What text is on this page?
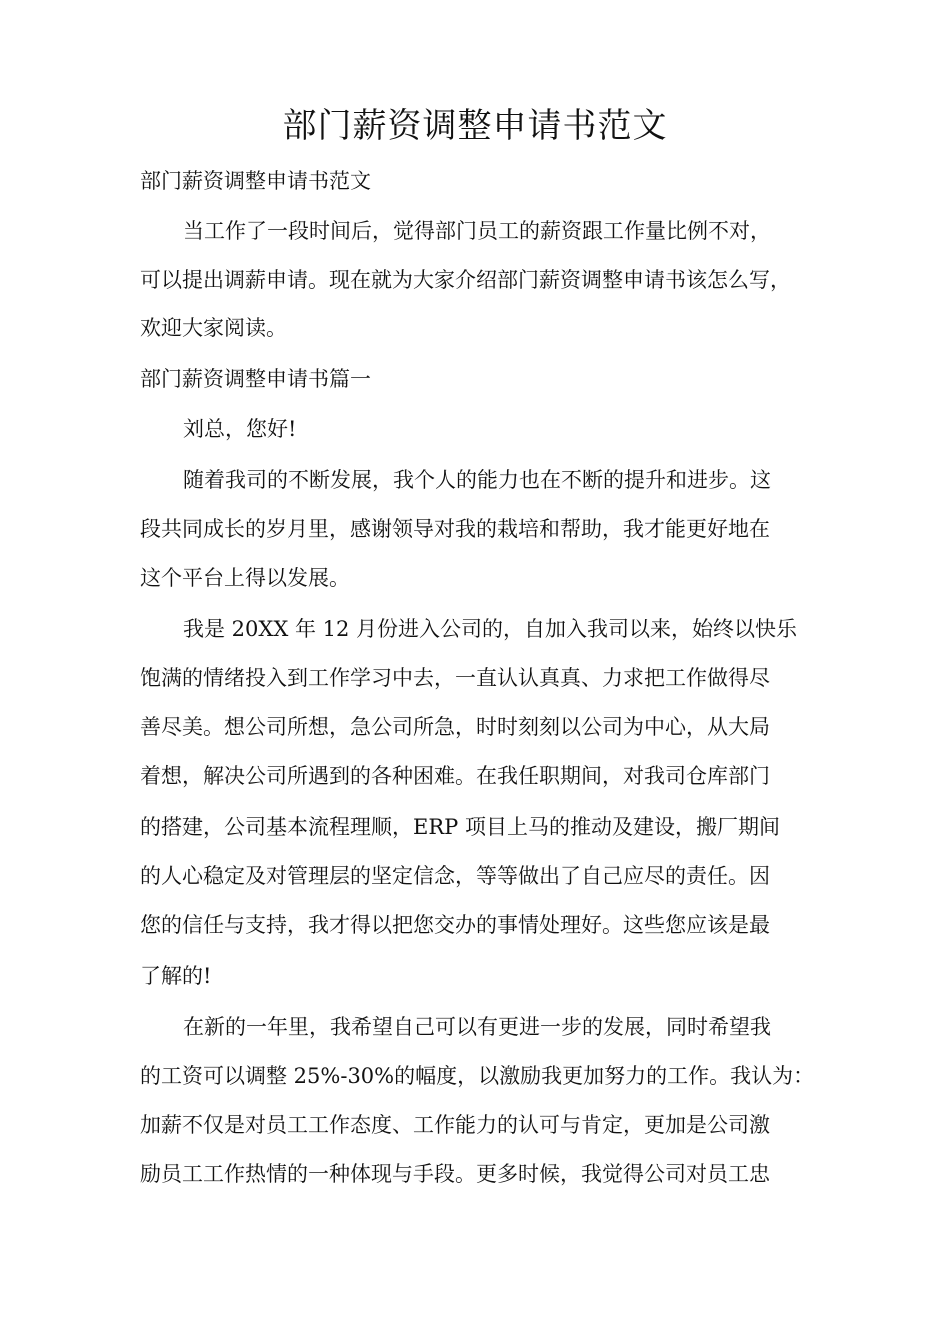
部门薪资调整申请书范文

部门薪资调整申请书范文

当工作了一段时间后，觉得部门员工的薪资跟工作量比例不对，

可以提出调薪申请。现在就为大家介绍部门薪资调整申请书该怎么写，

欢迎大家阅读。

部门薪资调整申请书篇一

刘总，您好!

随着我司的不断发展，我个人的能力也在不断的提升和进步。这

段共同成长的岁月里，感谢领导对我的栽培和帮助，我才能更好地在

这个平台上得以发展。

我是 20XX 年 12 月份进入公司的，自加入我司以来，始终以快乐

饱满的情绪投入到工作学习中去，一直认认真真、力求把工作做得尽

善尽美。想公司所想，急公司所急，时时刻刻以公司为中心，从大局

着想，解决公司所遇到的各种困难。在我任职期间，对我司仓库部门

的搭建，公司基本流程理顺，ERP 项目上马的推动及建设，搬厂期间

的人心稳定及对管理层的坚定信念，等等做出了自己应尽的责任。因

您的信任与支持，我才得以把您交办的事情处理好。这些您应该是最

了解的!

在新的一年里，我希望自己可以有更进一步的发展，同时希望我

的工资可以调整 25%-30%的幅度，以激励我更加努力的工作。我认为：

加薪不仅是对员工工作态度、工作能力的认可与肯定，更加是公司激

励员工工作热情的一种体现与手段。更多时候，我觉得公司对员工忠
